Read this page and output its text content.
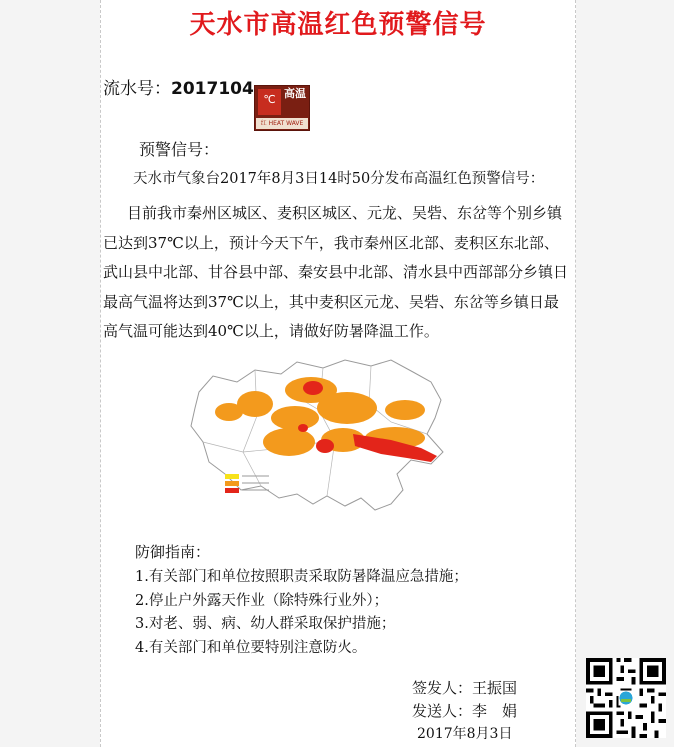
天水市高温红色预警信号
流水号：2017104
℃ 高温
红 HEAT WAVE
预警信号：
天水市气象台2017年8月3日14时50分发布高温红色预警信号：

目前我市秦州区城区、麦积区城区、元龙、吴砦、东岔等个别乡镇已达到37℃以上，预计今天下午，我市秦州区北部、麦积区东北部、武山县中北部、甘谷县中部、秦安县中北部、清水县中西部部分乡镇日最高气温将达到37℃以上，其中麦积区元龙、吴砦、东岔等乡镇日最高气温可能达到40℃以上，请做好防暑降温工作。

防御指南：
1.有关部门和单位按照职责采取防暑降温应急措施；
2.停止户外露天作业（除特殊行业外）；
3.对老、弱、病、幼人群采取保护措施；
4.有关部门和单位要特别注意防火。
签发人：王振国
发送人：李　娟
2017年8月3日
